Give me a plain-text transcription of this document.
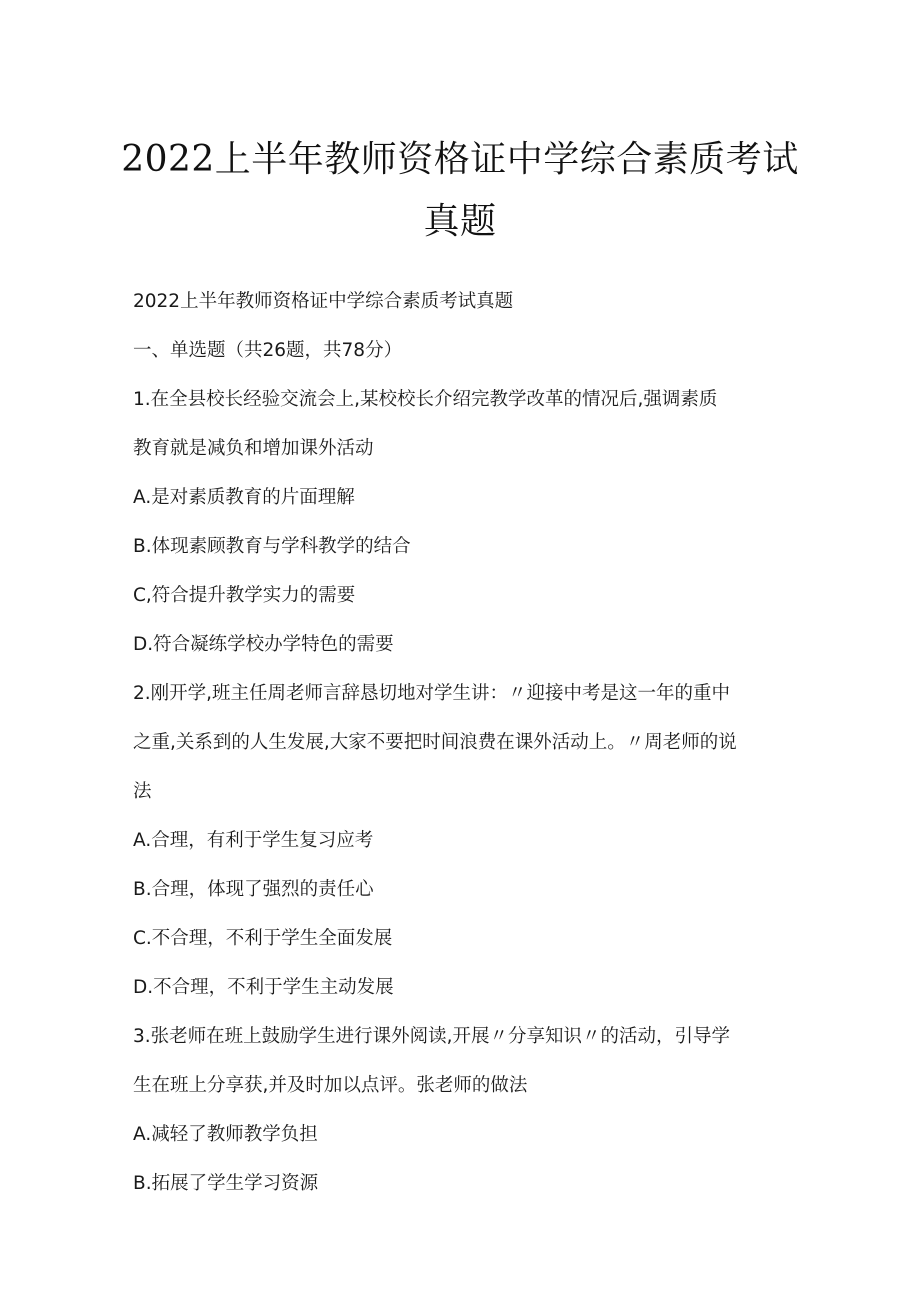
2022上半年教师资格证中学综合素质考试
真题
2022上半年教师资格证中学综合素质考试真题
一、单选题（共26题，共78分）
1.在全县校长经验交流会上,某校校长介绍完教学改革的情况后,强调素质
教育就是减负和增加课外活动
A.是对素质教育的片面理解
B.体现素顾教育与学科教学的结合
C,符合提升教学实力的需要
D.符合凝练学校办学特色的需要
2.刚开学,班主任周老师言辞恳切地对学生讲：〃迎接中考是这一年的重中
之重,关系到的人生发展,大家不要把时间浪费在课外活动上。〃周老师的说
法
A.合理，有利于学生复习应考
B.合理，体现了强烈的责任心
C.不合理，不利于学生全面发展
D.不合理，不利于学生主动发展
3.张老师在班上鼓励学生进行课外阅读,开展〃分享知识〃的活动，引导学
生在班上分享获,并及时加以点评。张老师的做法
A.减轻了教师教学负担
B.拓展了学生学习资源
